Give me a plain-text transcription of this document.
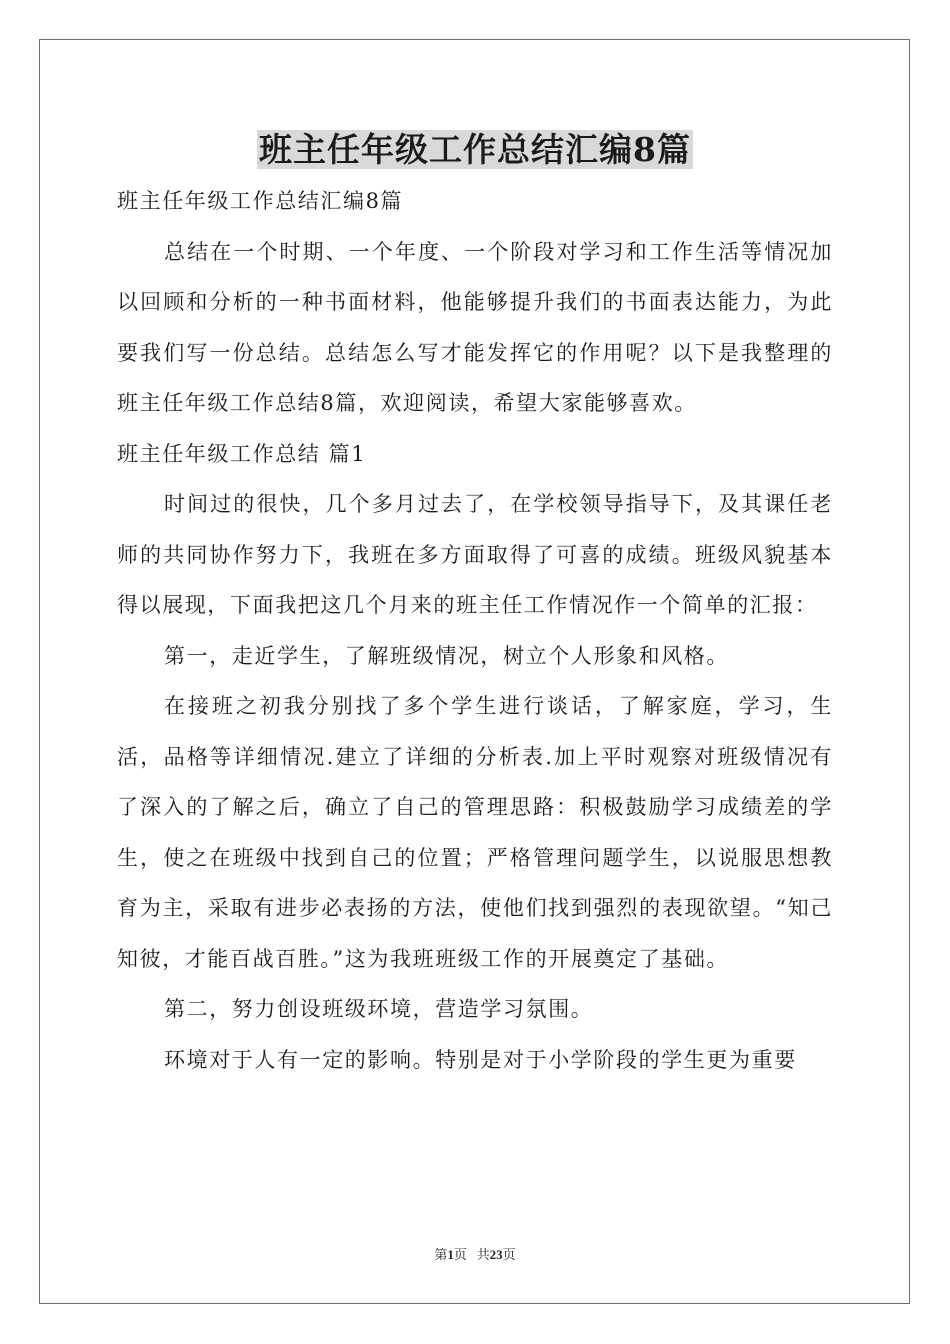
班主任年级工作总结汇编8篇

班主任年级工作总结汇编8篇

总结在一个时期、一个年度、一个阶段对学习和工作生活等情况加以回顾和分析的一种书面材料，他能够提升我们的书面表达能力，为此要我们写一份总结。总结怎么写才能发挥它的作用呢？以下是我整理的班主任年级工作总结8篇，欢迎阅读，希望大家能够喜欢。

班主任年级工作总结 篇1

时间过的很快，几个多月过去了，在学校领导指导下，及其课任老师的共同协作努力下，我班在多方面取得了可喜的成绩。班级风貌基本得以展现，下面我把这几个月来的班主任工作情况作一个简单的汇报：

第一，走近学生，了解班级情况，树立个人形象和风格。

在接班之初我分别找了多个学生进行谈话，了解家庭，学习，生活，品格等详细情况.建立了详细的分析表.加上平时观察对班级情况有了深入的了解之后，确立了自己的管理思路：积极鼓励学习成绩差的学生，使之在班级中找到自己的位置；严格管理问题学生，以说服思想教育为主，采取有进步必表扬的方法，使他们找到强烈的表现欲望。“知己知彼，才能百战百胜。”这为我班班级工作的开展奠定了基础。

第二，努力创设班级环境，营造学习氛围。

环境对于人有一定的影响。特别是对于小学阶段的学生更为重要

第1页   共23页
